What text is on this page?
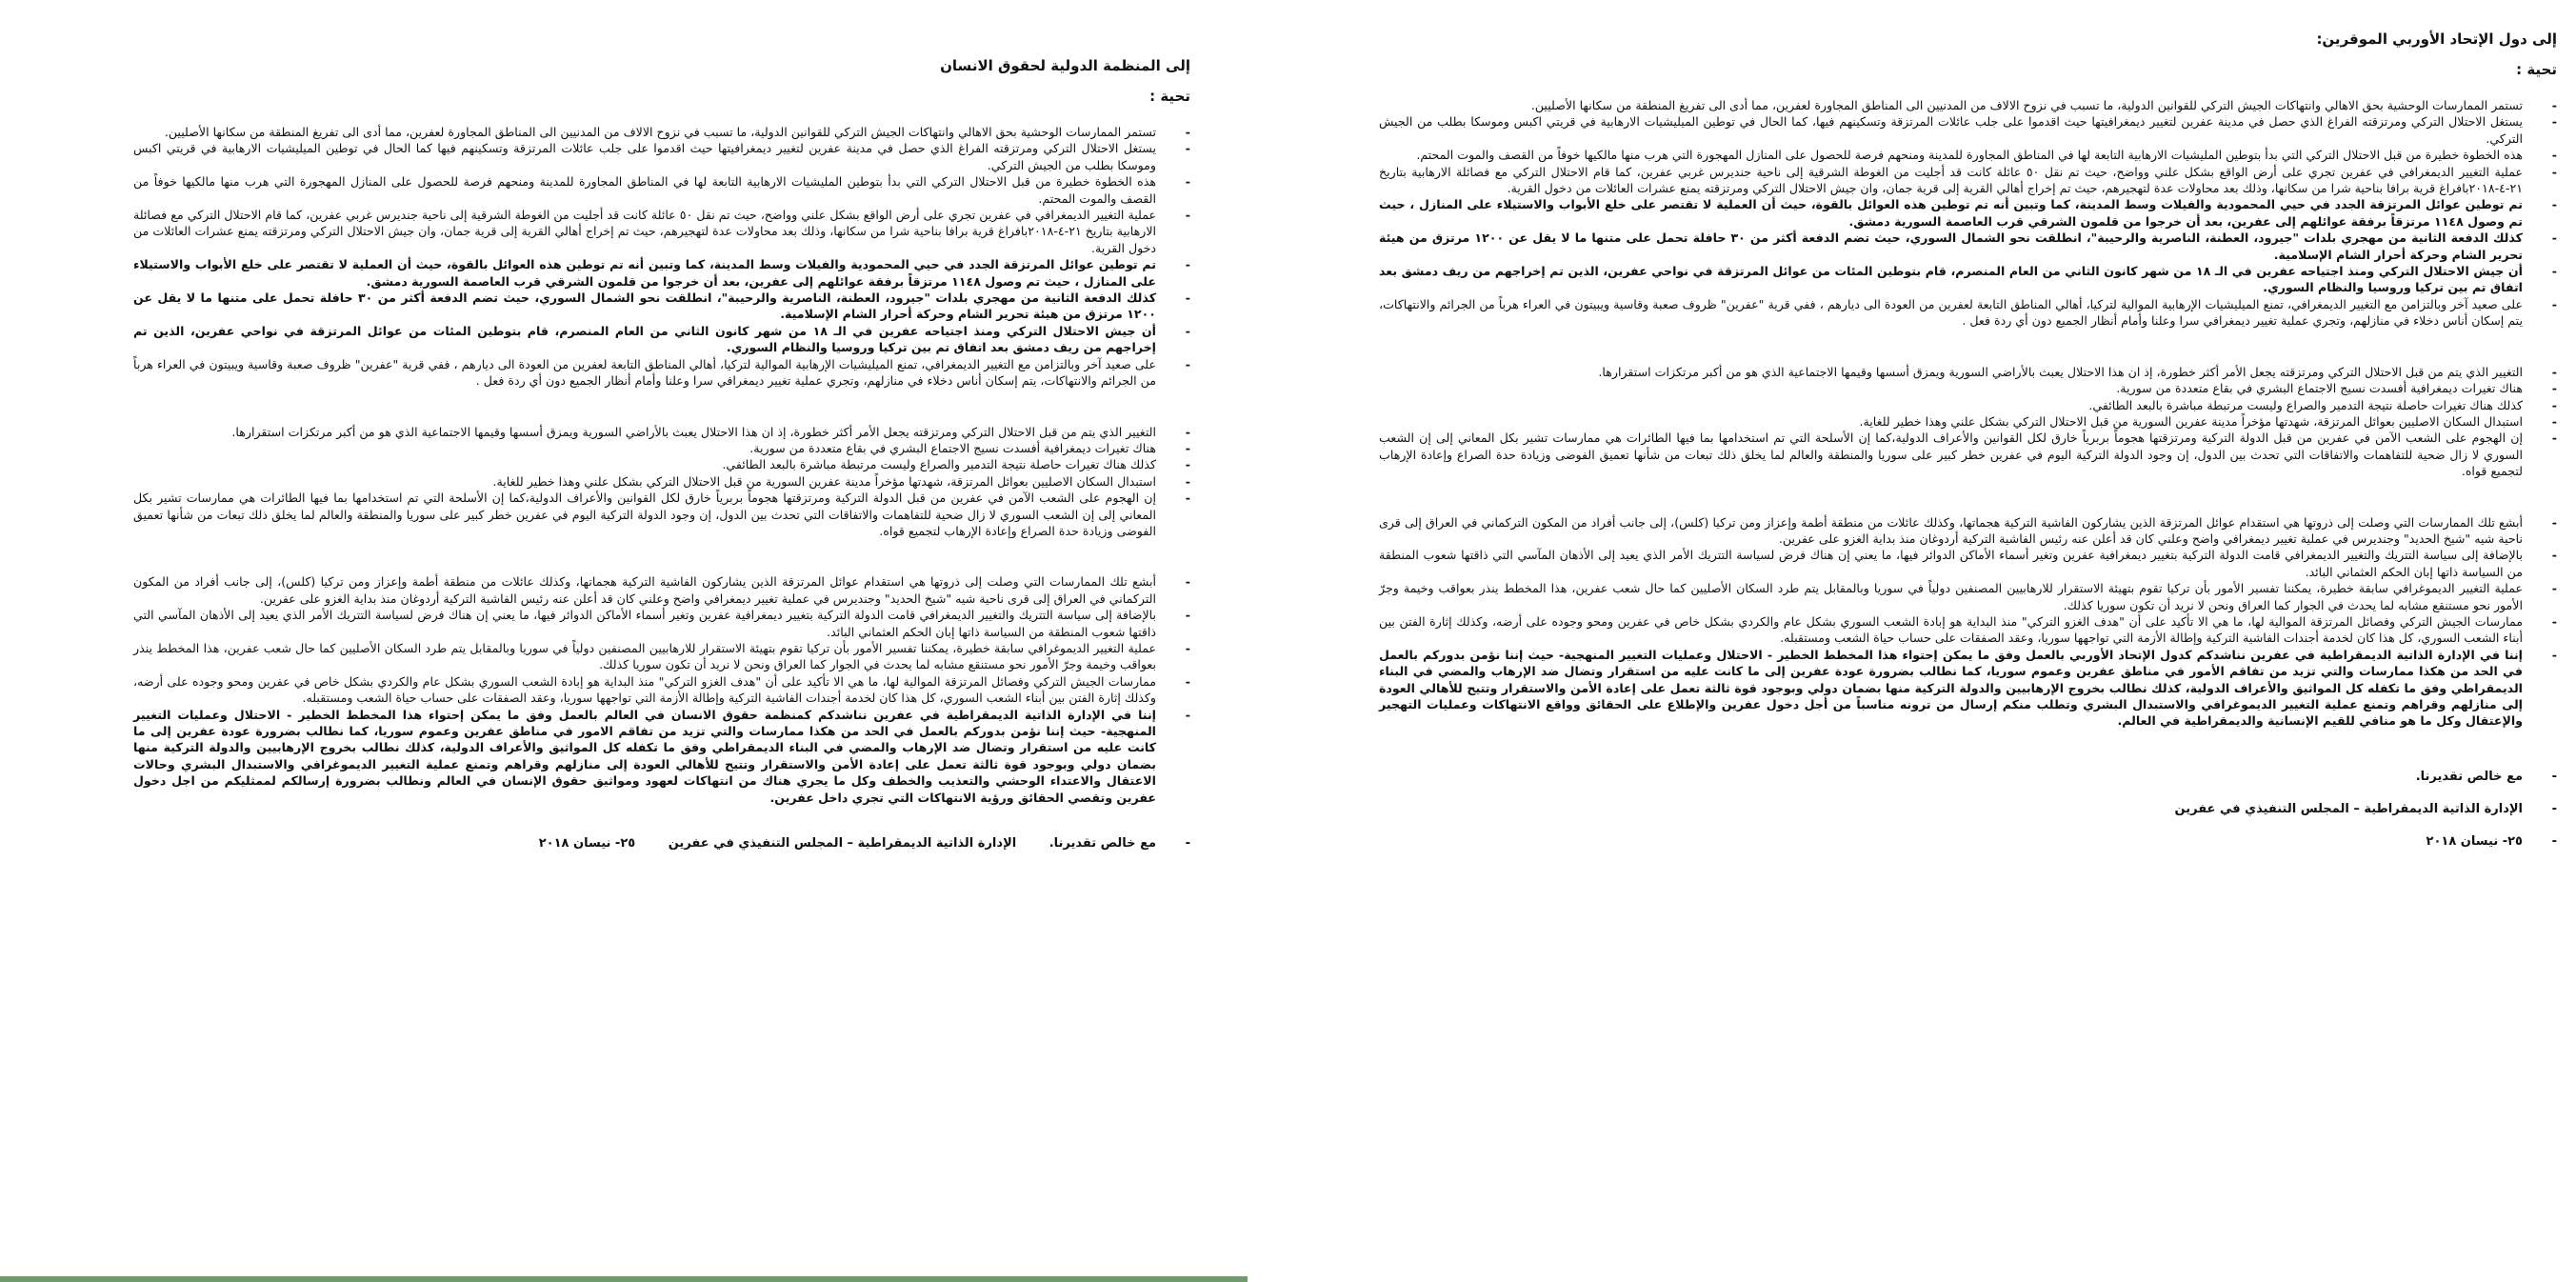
إلى المنظمة الدولية لحقوق الانسان

تحية :

- تستمر الممارسات الوحشية بحق الاهالي وانتهاكات الجيش التركي للقوانين الدولية، ما تسبب في نزوح الالاف من المدنيين الى المناطق المجاورة لعفرين، مما أدى الى تفريغ المنطقة من سكانها الأصليين.
- يستغل الاحتلال التركي ومرتزقته الفراغ الذي حصل في مدينة عفرين لتغيير ديمغرافيتها حيث اقدموا على جلب عائلات المرتزقة وتسكينهم فيها كما الحال في توطين الميليشيات الارهابية في قريتي اكبس وموسكا بطلب من الجيش التركي.
- هذه الخطوة خطيرة من قبل الاحتلال التركي التي بدأ بتوطين المليشيات الارهابية التابعة لها في المناطق المجاورة للمدينة ومنحهم فرصة للحصول على المنازل المهجورة التي هرب منها مالكيها خوفاً من القصف والموت المحتم.
- عملية التغيير الديمغرافي في عفرين تجري على أرض الواقع بشكل علني وواضح، حيث تم نقل ٥٠ عائلة كانت قد أجليت من الغوطة الشرقية إلى ناحية جنديرس غربي عفرين، كما قام الاحتلال التركي مع فصائلة الارهابية بتاريخ ٢١-٤-٢٠١٨بافراغ قرية برافا بناحية شرا من سكانها، وذلك بعد محاولات عدة لتهجيرهم، حيث تم إخراج أهالي القرية إلى قرية جمان، وان جيش الاحتلال التركي ومرتزقته يمنع عشرات العائلات من دخول القرية.
- تم توطين عوائل المرتزقة الجدد في حيي المحمودية والفيلات وسط المدينة، كما وتبين أنه تم توطين هذه العوائل بالقوة، حيث أن العملية لا تقتصر على خلع الأبواب والاستيلاء على المنازل ، حيث تم وصول ١١٤٨ مرتزقاً برفقة عوائلهم إلى عفرين، بعد أن خرجوا من قلمون الشرقي قرب العاصمة السورية دمشق.
- كذلك الدفعة الثانية من مهجري بلدات "جيرود، العطنة، الناصرية والرحيبة"، انطلقت نحو الشمال السوري، حيث تضم الدفعة أكثر من ٣٠ حافلة تحمل على متنها ما لا يقل عن ١٢٠٠ مرتزق من هيئة تحرير الشام وحركة أحرار الشام الإسلامية.
- أن جيش الاحتلال التركي ومنذ اجتياحه عفرين في الـ ١٨ من شهر كانون الثاني من العام المنصرم، قام بتوطين المئات من عوائل المرتزقة في نواحي عفرين، الذين تم إخراجهم من ريف دمشق بعد اتفاق تم بين تركيا وروسيا والنظام السوري.
- على صعيد آخر وبالتزامن مع التغيير الديمغرافي، تمنع الميليشيات الإرهابية الموالية لتركيا، أهالي المناطق التابعة لعفرين من العودة الى ديارهم ، ففي قرية "عفرين" ظروف صعبة وقاسية ويبيتون في العراء هرباً من الجرائم والانتهاكات، يتم إسكان أناس دخلاء في منازلهم، وتجري عملية تغيير ديمغرافي سرا وعلنا وأمام أنظار الجميع دون أي ردة فعل .
- التغيير الذي يتم من قبل الاحتلال التركي ومرتزقته يجعل الأمر أكثر خطورة، إذ ان هذا الاحتلال يعبث بالأراضي السورية ويمزق أسسها وقيمها الاجتماعية الذي هو من أكبر مرتكزات استقرارها.
- هناك تغيرات ديمغرافية أفسدت نسيج الاجتماع البشري في بقاع متعددة من سورية.
- كذلك هناك تغيرات حاصلة نتيجة التدمير والصراع وليست مرتبطة مباشرة بالبعد الطائفي.
- استبدال السكان الاصليين بعوائل المرتزقة، شهدتها مؤخراً مدينة عفرين السورية من قبل الاحتلال التركي بشكل علني وهذا خطير للغاية.
- إن الهجوم على الشعب الآمن في عفرين من قبل الدولة التركية ومرتزقتها هجوماً بربرياً خارق لكل القوانين والأعراف الدولية،كما إن الأسلحة التي تم استخدامها بما فيها الطائرات هي ممارسات تشير بكل المعاني إلى إن الشعب السوري لا زال ضحية للتفاهمات والاتفاقات التي تحدث بين الدول، إن وجود الدولة التركية اليوم في عفرين خطر كبير على سوريا والمنطقة والعالم لما يخلق ذلك تبعات من شأنها تعميق الفوضى وزيادة حدة الصراع وإعادة الإرهاب لتجميع قواه.
- أبشع تلك الممارسات التي وصلت إلى ذروتها هي استقدام عوائل المرتزقة الذين يشاركون الفاشية التركية هجماتها، وكذلك عائلات من منطقة أطمة وإعزاز ومن تركيا (كلس)، إلى جانب أفراد من المكون التركماني في العراق إلى قرى ناحية شيه "شيخ الحديد" وجنديرس في عملية تغيير ديمغرافي واضح وعلني كان قد أعلن عنه رئيس الفاشية التركية أردوغان منذ بداية الغزو على عفرين.
- بالإضافة إلى سياسة التتريك والتغيير الديمغرافي قامت الدولة التركية بتغيير ديمغرافية عفرين وتغير أسماء الأماكن الدوائر فيها، ما يعني إن هناك فرض لسياسة التتريك الأمر الذي يعيد إلى الأذهان المآسي التي ذاقتها شعوب المنطقة من السياسة ذاتها إبان الحكم العثماني البائد.
- عملية التغيير الديموغرافي سابقة خطيرة، يمكننا تفسير الأمور بأن تركيا تقوم بتهيئة الاستقرار للارهابيين المصنفين دولياً في سوريا وبالمقابل يتم طرد السكان الأصليين كما حال شعب عفرين، هذا المخطط ينذر بعواقب وخيمة وجرّ الأمور نحو مستنقع مشابه لما يحدث في الجوار كما العراق ونحن لا نريد أن تكون سوريا كذلك.
- ممارسات الجيش التركي وفصائل المرتزقة الموالية لها، ما هي الا تأكيد على أن "هدف الغزو التركي" منذ البداية هو إبادة الشعب السوري بشكل عام والكردي بشكل خاص في عفرين ومحو وجوده على أرضه، وكذلك إثارة الفتن بين أبناء الشعب السوري، كل هذا كان لخدمة أجندات الفاشية التركية وإطالة الأزمة التي تواجهها سوريا، وعقد الصفقات على حساب حياة الشعب ومستقبله.
- إننا في الإدارة الذاتية الديمقراطية في عفرين نناشدكم كمنظمة حقوق الانسان في العالم بالعمل وفق ما يمكن إحتواء هذا المخطط الخطير - الاحتلال وعمليات التغيير المنهجية- حيث إننا نؤمن بدوركم بالعمل في الحد من هكذا ممارسات والتي تزيد من تفاقم الامور في مناطق عفرين وعموم سوريا، كما نطالب بضرورة عودة عفرين إلى ما كانت عليه من استقرار وتضال ضد الإرهاب والمضي في البناء الديمقراطي وفق ما تكفله كل المواثيق والأعراف الدولية، كذلك نطالب بخروج الإرهابيين والدولة التركية منها بضمان دولي وبوجود قوة ثالثة تعمل على إعادة الأمن والاستقرار وتتيح للأهالي العودة إلى منازلهم وقراهم وتمنع عملية التغيير الديموغرافي والاستبدال البشري وحالات الاعتقال والاعتداء الوحشي والتعذيب والخطف وكل ما يجري هناك من انتهاكات لعهود ومواثيق حقوق الإنسان في العالم ونطالب بضرورة إرسالكم لممثليكم من اجل دخول عفرين وتقصي الحقائق ورؤية الانتهاكات التي تجري داخل عفرين.

- مع خالص تقديرنا. الإدارة الذاتية الديمقراطية – المجلس التنفيذي في عفرين ٢٥- نيسان ٢٠١٨

إلى دول الإتحاد الأوربي الموقرين:

تحية :

- تستمر الممارسات الوحشية بحق الاهالي وانتهاكات الجيش التركي للقوانين الدولية، ما تسبب في نزوح الالاف من المدنيين الى المناطق المجاورة لعفرين، مما أدى الى تفريغ المنطقة من سكانها الأصليين.
- يستغل الاحتلال التركي ومرتزقته الفراغ الذي حصل في مدينة عفرين لتغيير ديمغرافيتها حيث اقدموا على جلب عائلات المرتزقة وتسكينهم فيها، كما الحال في توطين الميليشيات الارهابية في قريتي اكبس وموسكا بطلب من الجيش التركي.
- هذه الخطوة خطيرة من قبل الاحتلال التركي التي بدأ بتوطين المليشيات الارهابية التابعة لها في المناطق المجاورة للمدينة ومنحهم فرصة للحصول على المنازل المهجورة التي هرب منها مالكيها خوفاً من القصف والموت المحتم.
- عملية التغيير الديمغرافي في عفرين تجري على أرض الواقع بشكل علني وواضح، حيث تم نقل ٥٠ عائلة كانت قد أجليت من الغوطة الشرقية إلى ناحية جنديرس غربي عفرين، كما قام الاحتلال التركي مع فصائلة الارهابية بتاريخ ٢١-٤-٢٠١٨بافراغ قرية برافا بناحية شرا من سكانها، وذلك بعد محاولات عدة لتهجيرهم، حيث تم إخراج أهالي القرية إلى قرية جمان، وان جيش الاحتلال التركي ومرتزقته يمنع عشرات العائلات من دخول القرية.
- تم توطين عوائل المرتزقة الجدد في حيي المحمودية والفيلات وسط المدينة، كما وتبين أنه تم توطين هذه العوائل بالقوة، حيث أن العملية لا تقتصر على خلع الأبواب والاستيلاء على المنازل ، حيث تم وصول ١١٤٨ مرتزقاً برفقة عوائلهم إلى عفرين، بعد أن خرجوا من قلمون الشرقي قرب العاصمة السورية دمشق.
- كذلك الدفعة الثانية من مهجري بلدات "جيرود، العطنة، الناصرية والرحيبة"، انطلقت نحو الشمال السوري، حيث تضم الدفعة أكثر من ٣٠ حافلة تحمل على متنها ما لا يقل عن ١٢٠٠ مرتزق من هيئة تحرير الشام وحركة أحرار الشام الإسلامية.
- أن جيش الاحتلال التركي ومنذ اجتياحه عفرين في الـ ١٨ من شهر كانون الثاني من العام المنصرم، قام بتوطين المئات من عوائل المرتزقة في نواحي عفرين، الذين تم إخراجهم من ريف دمشق بعد اتفاق تم بين تركيا وروسيا والنظام السوري.
- على صعيد آخر وبالتزامن مع التغيير الديمغرافي، تمنع الميليشيات الإرهابية الموالية لتركيا، أهالي المناطق التابعة لعفرين من العودة الى ديارهم ، ففي قرية "عفرين" ظروف صعبة وقاسية ويبيتون في العراء هرباً من الجرائم والانتهاكات، يتم إسكان أناس دخلاء في منازلهم، وتجري عملية تغيير ديمغرافي سرا وعلنا وأمام أنظار الجميع دون أي ردة فعل .
- التغيير الذي يتم من قبل الاحتلال التركي ومرتزقته يجعل الأمر أكثر خطورة، إذ ان هذا الاحتلال يعبث بالأراضي السورية ويمزق أسسها وقيمها الاجتماعية الذي هو من أكبر مرتكزات استقرارها.
- هناك تغيرات ديمغرافية أفسدت نسيج الاجتماع البشري في بقاع متعددة من سورية.
- كذلك هناك تغيرات حاصلة نتيجة التدمير والصراع وليست مرتبطة مباشرة بالبعد الطائفي.
- استبدال السكان الاصليين بعوائل المرتزقة، شهدتها مؤخراً مدينة عفرين السورية من قبل الاحتلال التركي بشكل علني وهذا خطير للغاية.
- إن الهجوم على الشعب الآمن في عفرين من قبل الدولة التركية ومرتزقتها هجوماً بربرياً خارق لكل القوانين والأعراف الدولية،كما إن الأسلحة التي تم استخدامها بما فيها الطائرات هي ممارسات تشير بكل المعاني إلى إن الشعب السوري لا زال ضحية للتفاهمات والاتفاقات التي تحدث بين الدول، إن وجود الدولة التركية اليوم في عفرين خطر كبير على سوريا والمنطقة والعالم لما يخلق ذلك تبعات من شأنها تعميق الفوضى وزيادة حدة الصراع وإعادة الإرهاب لتجميع قواه.
- أبشع تلك الممارسات التي وصلت إلى ذروتها هي استقدام عوائل المرتزقة الذين يشاركون الفاشية التركية هجماتها، وكذلك عائلات من منطقة أطمة وإعزاز ومن تركيا (كلس)، إلى جانب أفراد من المكون التركماني في العراق إلى قرى ناحية شيه "شيخ الحديد" وجنديرس في عملية تغيير ديمغرافي واضح وعلني كان قد أعلن عنه رئيس الفاشية التركية أردوغان منذ بداية الغزو على عفرين.
- بالإضافة إلى سياسة التتريك والتغيير الديمغرافي قامت الدولة التركية بتغيير ديمغرافية عفرين وتغير أسماء الأماكن الدوائر فيها، ما يعني إن هناك فرض لسياسة التتريك الأمر الذي يعيد إلى الأذهان المآسي التي ذاقتها شعوب المنطقة من السياسة ذاتها إبان الحكم العثماني البائد.
- عملية التغيير الديموغرافي سابقة خطيرة، يمكننا تفسير الأمور بأن تركيا تقوم بتهيئة الاستقرار للارهابيين المصنفين دولياً في سوريا وبالمقابل يتم طرد السكان الأصليين كما حال شعب عفرين، هذا المخطط ينذر بعواقب وخيمة وجرّ الأمور نحو مستنقع مشابه لما يحدث في الجوار كما العراق ونحن لا نريد أن تكون سوريا كذلك.
- ممارسات الجيش التركي وفصائل المرتزقة الموالية لها، ما هي الا تأكيد على أن "هدف الغزو التركي" منذ البداية هو إبادة الشعب السوري بشكل عام والكردي بشكل خاص في عفرين ومحو وجوده على أرضه، وكذلك إثارة الفتن بين أبناء الشعب السوري، كل هذا كان لخدمة أجندات الفاشية التركية وإطالة الأزمة التي تواجهها سوريا، وعقد الصفقات على حساب حياة الشعب ومستقبله.
- إننا في الإدارة الذاتية الديمقراطية في عفرين نناشدكم كدول الإتحاد الأوربي بالعمل وفق ما يمكن إحتواء هذا المخطط الخطير - الاحتلال وعمليات التغيير المنهجية- حيث إننا نؤمن بدوركم بالعمل في الحد من هكذا ممارسات والتي تزيد من تفاقم الأمور في مناطق عفرين وعموم سوريا، كما نطالب بضرورة عودة عفرين إلى ما كانت عليه من استقرار وتضال ضد الإرهاب والمضي في البناء الديمقراطي وفق ما تكفله كل المواثيق والأعراف الدولية، كذلك نطالب بخروج الإرهابيين والدولة التركية منها بضمان دولي وبوجود قوة ثالثة تعمل على إعادة الأمن والاستقرار وتتيح للأهالي العودة إلى منازلهم وقراهم وتمنع عملية التغيير الديموغرافي والاستبدال البشري وتطلب منكم إرسال من ترونه مناسباً من أجل دخول عفرين والإطلاع على الحقائق وواقع الانتهاكات وعمليات التهجير والإعتقال وكل ما هو منافي للقيم الإنسانية والديمقراطية في العالم.

- مع خالص تقديرنا.

- الإدارة الذاتية الديمقراطية – المجلس التنفيذي في عفرين

- ٢٥- نيسان ٢٠١٨
